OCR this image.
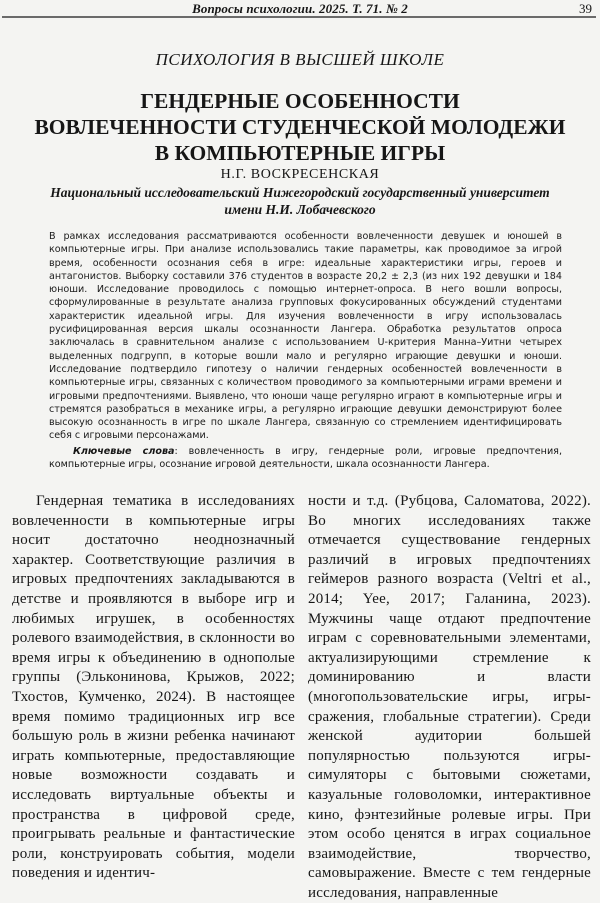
Вопросы психологии. 2025. Т. 71. № 2	39
ПСИХОЛОГИЯ В ВЫСШЕЙ ШКОЛЕ
ГЕНДЕРНЫЕ ОСОБЕННОСТИ
ВОВЛЕЧЕННОСТИ СТУДЕНЧЕСКОЙ МОЛОДЕЖИ
В КОМПЬЮТЕРНЫЕ ИГРЫ
Н.Г. ВОСКРЕСЕНСКАЯ
Национальный исследовательский Нижегородский государственный университет
имени Н.И. Лобачевского
В рамках исследования рассматриваются особенности вовлеченности девушек и юношей в компьютерные игры. При анализе использовались такие параметры, как проводимое за игрой время, особенности осознания себя в игре: идеальные характеристики игры, героев и антагонистов. Выборку составили 376 студентов в возрасте 20,2 ± 2,3 (из них 192 девушки и 184 юноши. Исследование проводилось с помощью интернет-опроса. В него вошли вопросы, сформулированные в результате анализа групповых фокусированных обсуждений студентами характеристик идеальной игры. Для изучения вовлеченности в игру использовалась русифицированная версия шкалы осознанности Лангера. Обработка результатов опроса заключалась в сравнительном анализе с использованием U-критерия Манна–Уитни четырех выделенных подгрупп, в которые вошли мало и регулярно играющие девушки и юноши. Исследование подтвердило гипотезу о наличии гендерных особенностей вовлеченности в компьютерные игры, связанных с количеством проводимого за компьютерными играми времени и игровыми предпочтениями. Выявлено, что юноши чаще регулярно играют в компьютерные игры и стремятся разобраться в механике игры, а регулярно играющие девушки демонстрируют более высокую осознанность в игре по шкале Лангера, связанную со стремлением идентифицировать себя с игровыми персонажами.
Ключевые слова: вовлеченность в игру, гендерные роли, игровые предпочтения, компьютерные игры, осознание игровой деятельности, шкала осознанности Лангера.

Гендерная тематика в исследованиях вовлеченности в компьютерные игры носит достаточно неоднозначный характер. Соответствующие различия в игровых предпочтениях закладываются в детстве и проявляются в выборе игр и любимых игрушек, в особенностях ролевого взаимодействия, в склонности во время игры к объединению в однополые группы (Эльконинова, Крыжов, 2022; Тхостов, Кумченко, 2024). В настоящее время помимо традиционных игр все большую роль в жизни ребенка начинают играть компьютерные, предоставляющие новые возможности создавать и исследовать виртуальные объекты и пространства в цифровой среде, проигрывать реальные и фантастические роли, конструировать события, модели поведения и идентич-

ности и т.д. (Рубцова, Саломатова, 2022). Во многих исследованиях также отмечается существование гендерных различий в игровых предпочтениях геймеров разного возраста (Veltri et al., 2014; Yee, 2017; Галанина, 2023). Мужчины чаще отдают предпочтение играм с соревновательными элементами, актуализирующими стремление к доминированию и власти (многопользовательские игры, игры-сражения, глобальные стратегии). Среди женской аудитории большей популярностью пользуются игры-симуляторы с бытовыми сюжетами, казуальные головоломки, интерактивное кино, фэнтезийные ролевые игры. При этом особо ценятся в играх социальное взаимодействие, творчество, самовыражение. Вместе с тем гендерные исследования, направленные
